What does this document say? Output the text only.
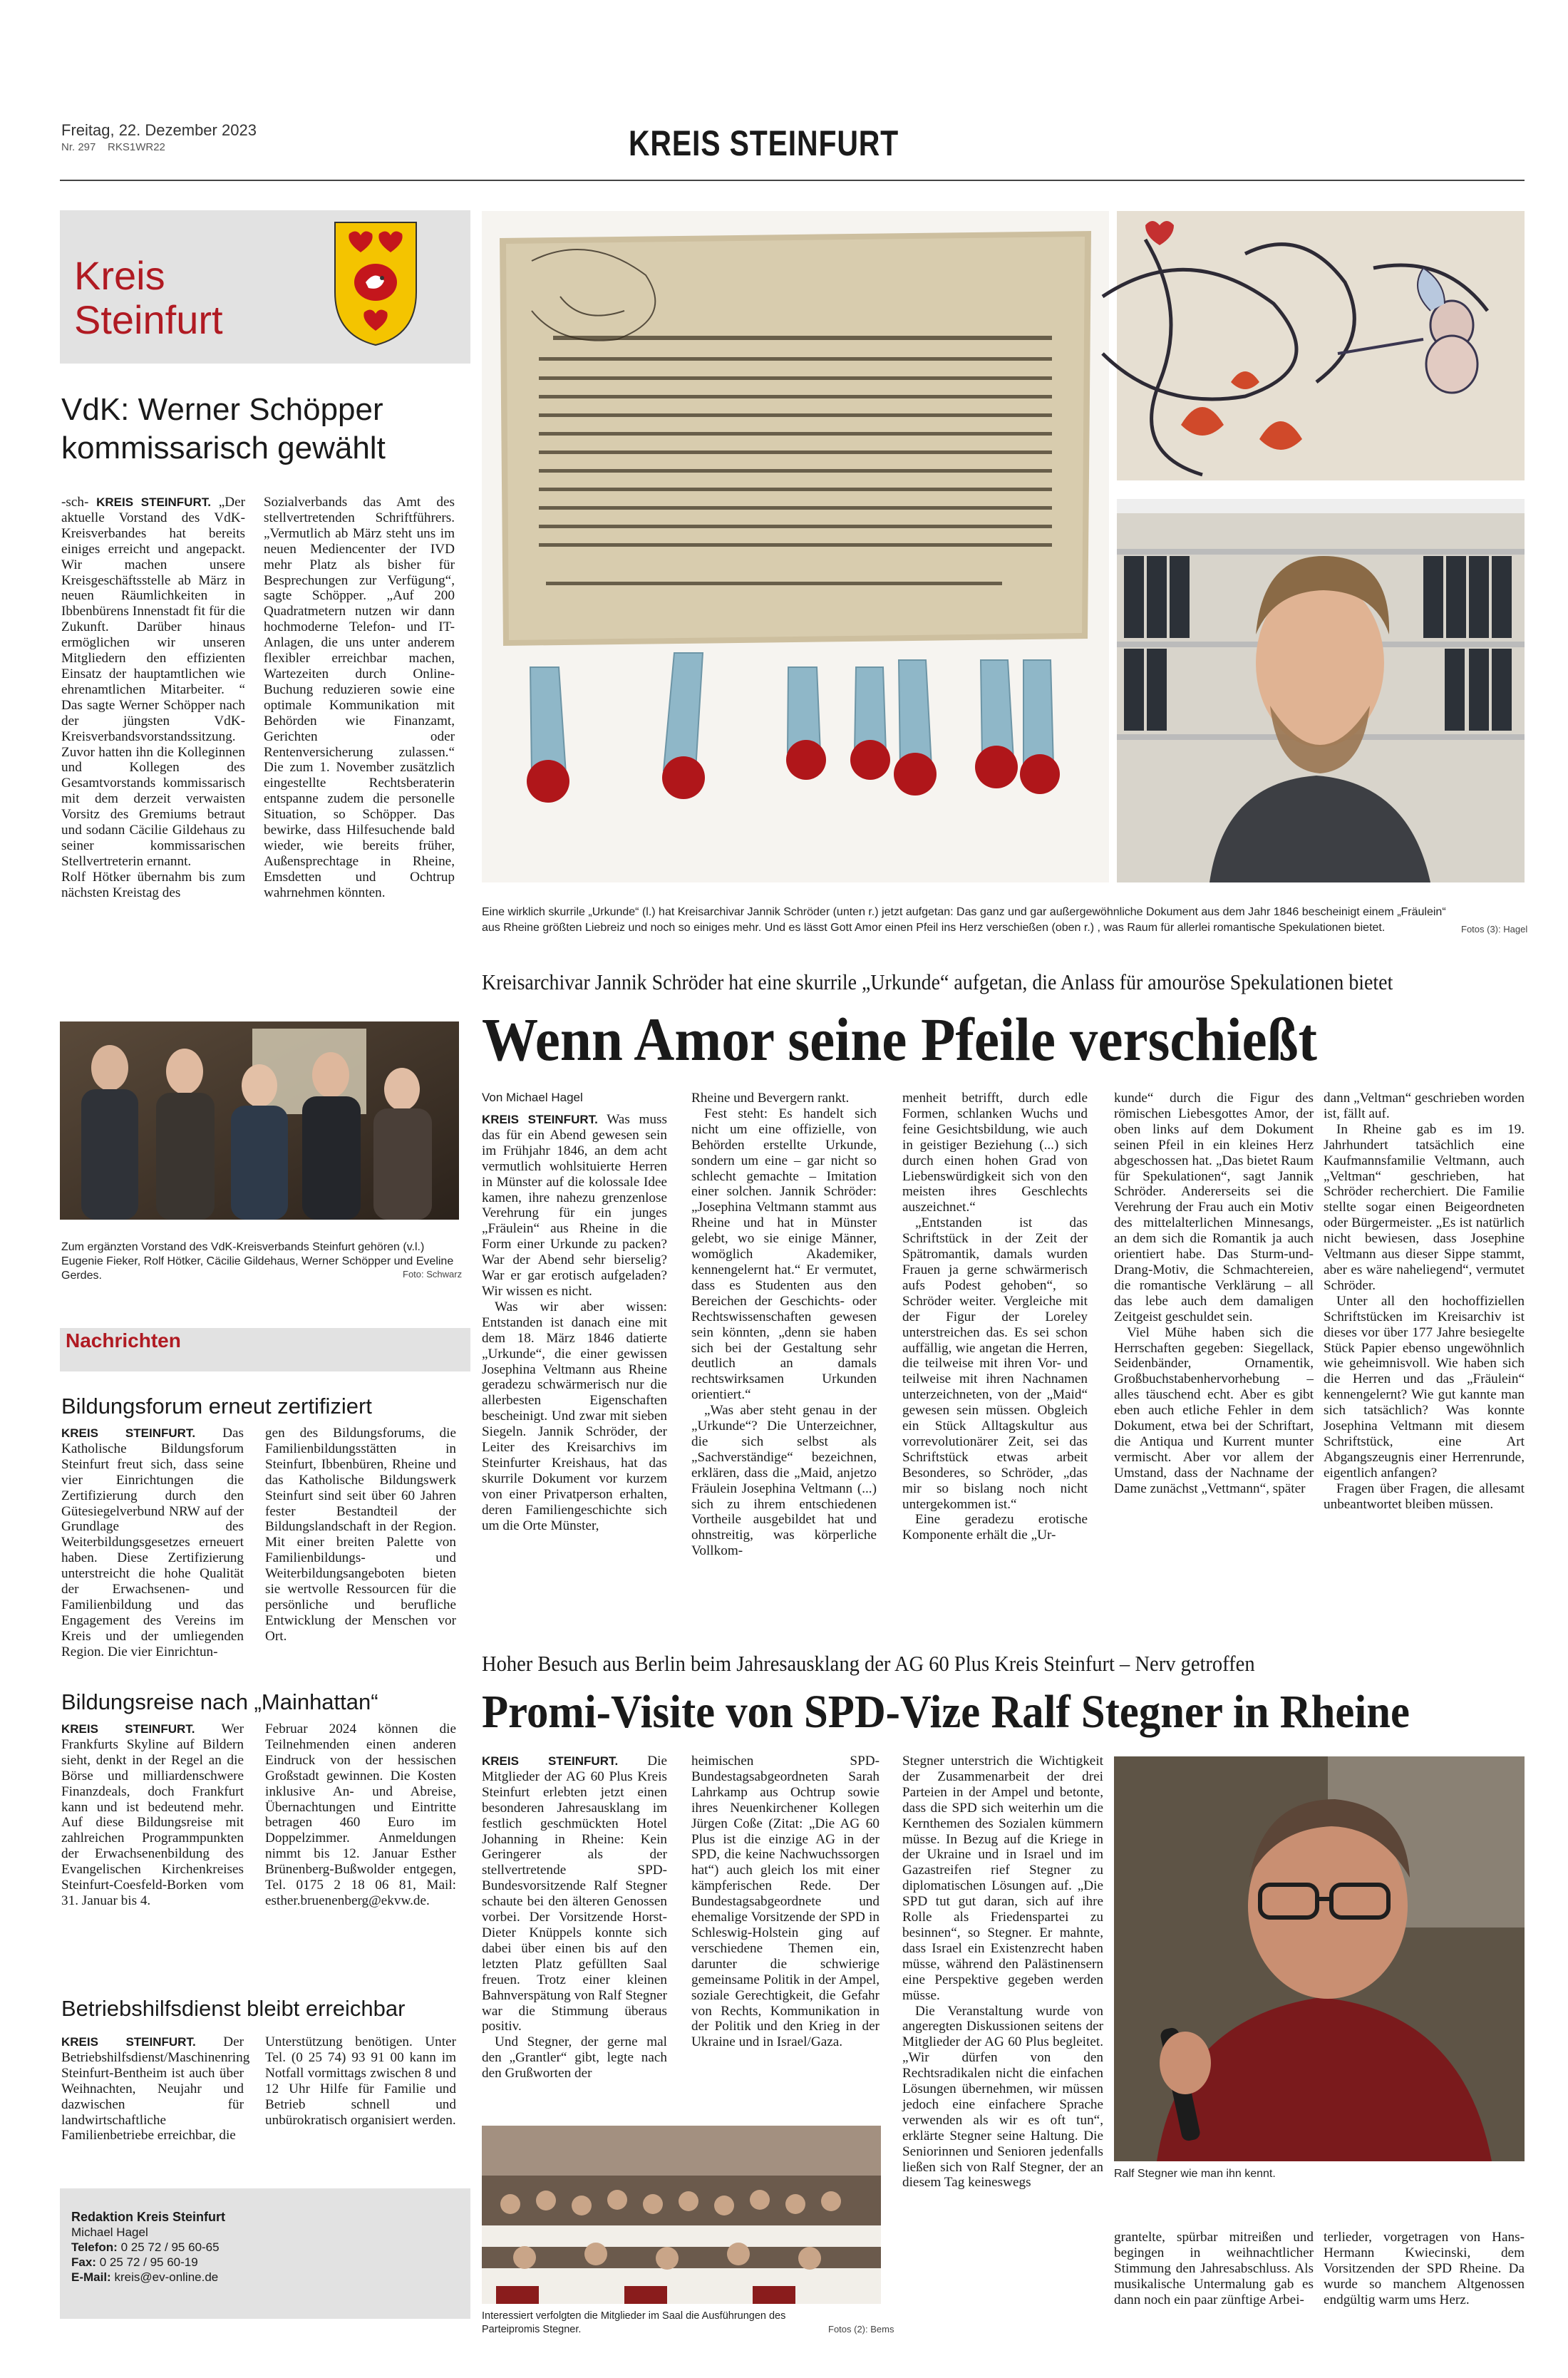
Freitag, 22. Dezember 2023
Nr. 297    RKS1WR22	KREIS STEINFURT
Kreis
Steinfurt
VdK: Werner Schöpper kommissarisch gewählt

-sch- KREIS STEINFURT. „Der aktuelle Vorstand des VdK-Kreisverbandes hat bereits einiges erreicht und angepackt. Wir machen unsere Kreisgeschäftsstelle ab März in neuen Räumlichkeiten in Ibbenbürens Innenstadt fit für die Zukunft. Darüber hinaus ermöglichen wir unseren Mitgliedern den effizienten Einsatz der hauptamtlichen wie ehrenamtlichen Mitarbeiter. “ Das sagte Werner Schöpper nach der jüngsten VdK-Kreisverbandsvorstandssitzung. Zuvor hatten ihn die Kolleginnen und Kollegen des Gesamtvorstands kommissarisch mit dem derzeit verwaisten Vorsitz des Gremiums betraut und sodann Cäcilie Gildehaus zu seiner kommissarischen Stellvertreterin ernannt.
Rolf Hötker übernahm bis zum nächsten Kreistag des

Sozialverbands das Amt des stellvertretenden Schriftführers. „Vermutlich ab März steht uns im neuen Mediencenter der IVD mehr Platz als bisher für Besprechungen zur Verfügung“, sagte Schöpper. „Auf 200 Quadratmetern nutzen wir dann hochmoderne Telefon- und IT-Anlagen, die uns unter anderem flexibler erreichbar machen, Wartezeiten durch Online-Buchung reduzieren sowie eine optimale Kommunikation mit Behörden wie Finanzamt, Gerichten oder Rentenversicherung zulassen.“ Die zum 1. November zusätzlich eingestellte Rechtsberaterin entspanne zudem die personelle Situation, so Schöpper. Das bewirke, dass Hilfesuchende bald wieder, wie bereits früher, Außensprechtage in Rheine, Emsdetten und Ochtrup wahrnehmen könnten.

Zum ergänzten Vorstand des VdK-Kreisverbands Steinfurt gehören (v.l.) Eugenie Fieker, Rolf Hötker, Cäcilie Gildehaus, Werner Schöpper und Eveline Gerdes.	Foto: Schwarz
Nachrichten
Bildungsforum erneut zertifiziert

KREIS STEINFURT. Das Katholische Bildungsforum Steinfurt freut sich, dass seine vier Einrichtungen die Zertifizierung durch den Gütesiegelverbund NRW auf der Grundlage des Weiterbildungsgesetzes erneuert haben. Diese Zertifizierung unterstreicht die hohe Qualität der Erwachsenen- und Familienbildung und das Engagement des Vereins im Kreis und der umliegenden Region. Die vier Einrichtun-

gen des Bildungsforums, die Familienbildungsstätten in Steinfurt, Ibbenbüren, Rheine und das Katholische Bildungswerk Steinfurt sind seit über 60 Jahren fester Bestandteil der Bildungslandschaft in der Region. Mit einer breiten Palette von Familienbildungs- und Weiterbildungsangeboten bieten sie wertvolle Ressourcen für die persönliche und berufliche Entwicklung der Menschen vor Ort.

Bildungsreise nach „Mainhattan“

KREIS STEINFURT. Wer Frankfurts Skyline auf Bildern sieht, denkt in der Regel an die Börse und milliardenschwere Finanzdeals, doch Frankfurt kann und ist bedeutend mehr. Auf diese Bildungsreise mit zahlreichen Programmpunkten der Erwachsenenbildung des Evangelischen Kirchenkreises Steinfurt-Coesfeld-Borken vom 31. Januar bis 4.

Februar 2024 können die Teilnehmenden einen anderen Eindruck von der hessischen Großstadt gewinnen. Die Kosten inklusive An- und Abreise, Übernachtungen und Eintritte betragen 460 Euro im Doppelzimmer. Anmeldungen nimmt bis 12. Januar Esther Brünenberg-Bußwolder entgegen, Tel. 0175 2 18 06 81, Mail: esther.bruenenberg@ekvw.de.

Betriebshilfsdienst bleibt erreichbar

KREIS STEINFURT. Der Betriebshilfsdienst/Maschinenring Steinfurt-Bentheim ist auch über Weihnachten, Neujahr und dazwischen für landwirtschaftliche Familienbetriebe erreichbar, die

Unterstützung benötigen. Unter Tel. (0 25 74) 93 91 00 kann im Notfall vormittags zwischen 8 und 12 Uhr Hilfe für Familie und Betrieb schnell und unbürokratisch organisiert werden.

Redaktion Kreis Steinfurt
Michael Hagel
Telefon: 0 25 72 / 95 60-65
Fax: 0 25 72 / 95 60-19
E-Mail: kreis@ev-online.de
Eine wirklich skurrile „Urkunde“ (l.) hat Kreisarchivar Jannik Schröder (unten r.) jetzt aufgetan: Das ganz und gar außergewöhnliche Dokument aus dem Jahr 1846 bescheinigt einem „Fräulein“ aus Rheine größten Liebreiz und noch so einiges mehr. Und es lässt Gott Amor einen Pfeil ins Herz verschießen (oben r.) , was Raum für allerlei romantische Spekulationen bietet.	Fotos (3): Hagel
Kreisarchivar Jannik Schröder hat eine skurrile „Urkunde“ aufgetan, die Anlass für amouröse Spekulationen bietet
Wenn Amor seine Pfeile verschießt
Von Michael Hagel

KREIS STEINFURT. Was muss das für ein Abend gewesen sein im Frühjahr 1846, an dem acht vermutlich wohlsituierte Herren in Münster auf die kolossale Idee kamen, ihre nahezu grenzenlose Verehrung für ein junges „Fräulein“ aus Rheine in die Form einer Urkunde zu packen? War der Abend sehr bierselig? War er gar erotisch aufgeladen? Wir wissen es nicht.

Was wir aber wissen: Entstanden ist danach eine mit dem 18. März 1846 datierte „Urkunde“, die einer gewissen Josephina Veltmann aus Rheine geradezu schwärmerisch nur die allerbesten Eigenschaften bescheinigt. Und zwar mit sieben Siegeln. Jannik Schröder, der Leiter des Kreisarchivs im Steinfurter Kreishaus, hat das skurrile Dokument vor kurzem von einer Privatperson erhalten, deren Familiengeschichte sich um die Orte Münster,

Rheine und Bevergern rankt.

Fest steht: Es handelt sich nicht um eine offizielle, von Behörden erstellte Urkunde, sondern um eine – gar nicht so schlecht gemachte – Imitation einer solchen. Jannik Schröder: „Josephina Veltmann stammt aus Rheine und hat in Münster gelebt, wo sie einige Männer, womöglich Akademiker, kennengelernt hat.“ Er vermutet, dass es Studenten aus den Bereichen der Geschichts- oder Rechtswissenschaften gewesen sein könnten, „denn sie haben sich bei der Gestaltung sehr deutlich an damals rechtswirksamen Urkunden orientiert.“

„Was aber steht genau in der „Urkunde“? Die Unterzeichner, die sich selbst als „Sachverständige“ bezeichnen, erklären, dass die „Maid, anjetzo Fräulein Josephina Veltmann (...) sich zu ihrem entschiedenen Vortheile ausgebildet hat und ohnstreitig, was körperliche Vollkom-

menheit betrifft, durch edle Formen, schlanken Wuchs und feine Gesichtsbildung, wie auch in geistiger Beziehung (...) sich durch einen hohen Grad von Liebenswürdigkeit sich von den meisten ihres Geschlechts auszeichnet.“

„Entstanden ist das Schriftstück in der Zeit der Spätromantik, damals wurden Frauen ja gerne schwärmerisch aufs Podest gehoben“, so Schröder weiter. Vergleiche mit der Figur der Loreley unterstreichen das. Es sei schon auffällig, wie angetan die Herren, die teilweise mit ihren Vor- und teilweise mit ihren Nachnamen unterzeichneten, von der „Maid“ gewesen sein müssen. Obgleich ein Stück Alltagskultur aus vorrevolutionärer Zeit, sei das Schriftstück etwas arbeit Besonderes, so Schröder, „das mir so bislang noch nicht untergekommen ist.“

Eine geradezu erotische Komponente erhält die „Ur-

kunde“ durch die Figur des römischen Liebesgottes Amor, der oben links auf dem Dokument seinen Pfeil in ein kleines Herz abgeschossen hat. „Das bietet Raum für Spekulationen“, sagt Jannik Schröder. Andererseits sei die Verehrung der Frau auch ein Motiv des mittelalterlichen Minnesangs, an dem sich die Romantik ja auch orientiert habe. Das Sturm-und-Drang-Motiv, die Schmachtereien, die romantische Verklärung – all das lebe auch dem damaligen Zeitgeist geschuldet sein.

Viel Mühe haben sich die Herrschaften gegeben: Siegellack, Seidenbänder, Ornamentik, Großbuchstabenhervorhebung – alles täuschend echt. Aber es gibt eben auch etliche Fehler in dem Dokument, etwa bei der Schriftart, die Antiqua und Kurrent munter vermischt. Aber vor allem der Umstand, dass der Nachname der Dame zunächst „Vettmann“, später

dann „Veltman“ geschrieben worden ist, fällt auf.

In Rheine gab es im 19. Jahrhundert tatsächlich eine Kaufmannsfamilie Veltmann, auch „Veltman“ geschrieben, hat Schröder recherchiert. Die Familie stellte sogar einen Beigeordneten oder Bürgermeister. „Es ist natürlich nicht bewiesen, dass Josephine Veltmann aus dieser Sippe stammt, aber es wäre naheliegend“, vermutet Schröder.

Unter all den hochoffiziellen Schriftstücken im Kreisarchiv ist dieses vor über 177 Jahre besiegelte Stück Papier ebenso ungewöhnlich wie geheimnisvoll. Wie haben sich die Herren und das „Fräulein“ kennengelernt? Wie gut kannte man sich tatsächlich? Was konnte Josephina Veltmann mit diesem Schriftstück, eine Art Abgangszeugnis einer Herrenrunde, eigentlich anfangen?

Fragen über Fragen, die allesamt unbeantwortet bleiben müssen.

Hoher Besuch aus Berlin beim Jahresausklang der AG 60 Plus Kreis Steinfurt – Nerv getroffen
Promi-Visite von SPD-Vize Ralf Stegner in Rheine

KREIS STEINFURT. Die Mitglieder der AG 60 Plus Kreis Steinfurt erlebten jetzt einen besonderen Jahresausklang im festlich geschmückten Hotel Johanning in Rheine: Kein Geringerer als der stellvertretende SPD-Bundesvorsitzende Ralf Stegner schaute bei den älteren Genossen vorbei. Der Vorsitzende Horst-Dieter Knüppels konnte sich dabei über einen bis auf den letzten Platz gefüllten Saal freuen. Trotz einer kleinen Bahnverspätung von Ralf Stegner war die Stimmung überaus positiv.

Und Stegner, der gerne mal den „Grantler“ gibt, legte nach den Grußworten der

heimischen SPD-Bundestagsabgeordneten Sarah Lahrkamp aus Ochtrup sowie ihres Neuenkirchener Kollegen Jürgen Coße (Zitat: „Die AG 60 Plus ist die einzige AG in der SPD, die keine Nachwuchssorgen hat“) auch gleich los mit einer kämpferischen Rede. Der Bundestagsabgeordnete und ehemalige Vorsitzende der SPD in Schleswig-Holstein ging auf verschiedene Themen ein, darunter die schwierige gemeinsame Politik in der Ampel, soziale Gerechtigkeit, die Gefahr von Rechts, Kommunikation in der Politik und den Krieg in der Ukraine und in Israel/Gaza.

Stegner unterstrich die Wichtigkeit der Zusammenarbeit der drei Parteien in der Ampel und betonte, dass die SPD sich weiterhin um die Kernthemen des Sozialen kümmern müsse. In Bezug auf die Kriege in der Ukraine und in Israel und im Gazastreifen rief Stegner zu diplomatischen Lösungen auf. „Die SPD tut gut daran, sich auf ihre Rolle als Friedenspartei zu besinnen“, so Stegner. Er mahnte, dass Israel ein Existenzrecht haben müsse, während den Palästinensern eine Perspektive gegeben werden müsse.

Die Veranstaltung wurde von angeregten Diskussionen seitens der Mitglieder der AG 60 Plus begleitet. „Wir dürfen von den Rechtsradikalen nicht die einfachen Lösungen übernehmen, wir müssen jedoch eine einfachere Sprache verwenden als wir es oft tun“, erklärte Stegner seine Haltung. Die Seniorinnen und Senioren jedenfalls ließen sich von Ralf Stegner, der an diesem Tag keineswegs

grantelte, spürbar mitreißen und begingen in weihnachtlicher Stimmung den Jahresabschluss. Als musikalische Untermalung gab es dann noch ein paar zünftige Arbei-

terlieder, vorgetragen von Hans-Hermann Kwiecinski, dem Vorsitzenden der SPD Rheine. Da wurde so manchem Altgenossen endgültig warm ums Herz.

Interessiert verfolgten die Mitglieder im Saal die Ausführungen des Parteipromis Stegner.	Fotos (2): Bems
Ralf Stegner wie man ihn kennt.
